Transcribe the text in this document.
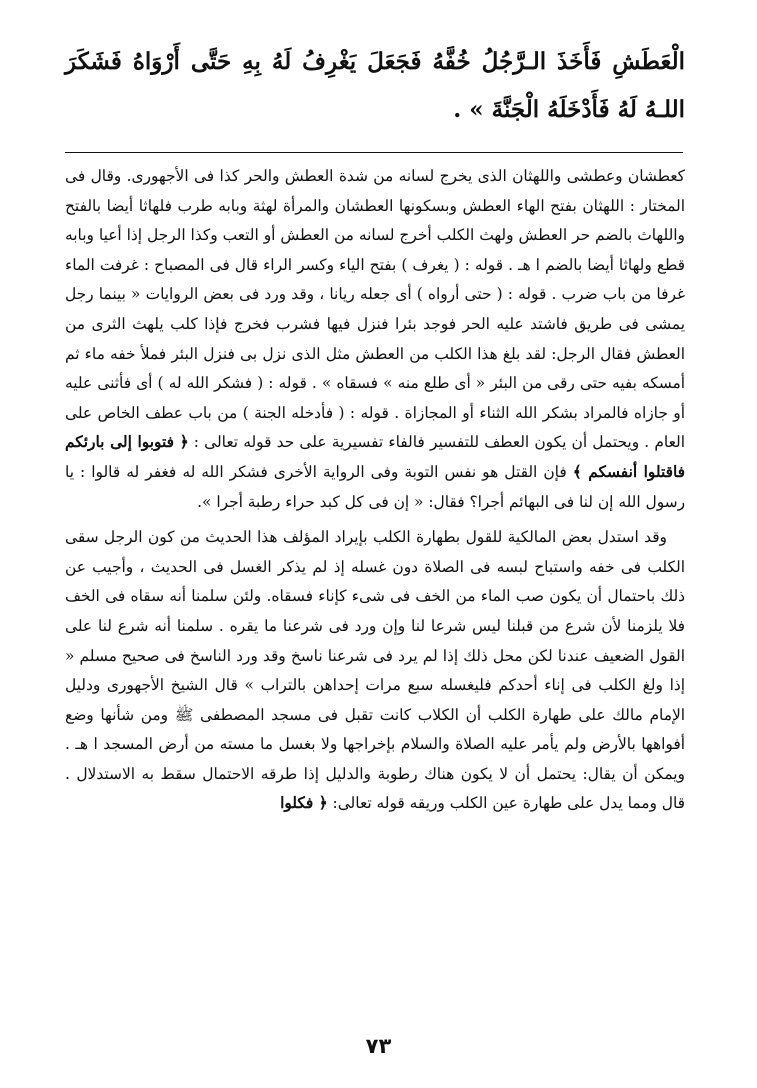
الْعَطَشِ فَأَخَذَ الـرَّجُلُ خُفَّهُ فَجَعَلَ يَغْرِفُ لَهُ بِهِ حَتَّى أَرْوَاهُ فَشَكَرَ اللـهُ لَهُ فَأَدْخَلَهُ الْجَنَّةَ » .

كعطشان وعطشى واللهثان الذى يخرج لسانه من شدة العطش والحر كذا فى الأجهورى. وقال فى المختار : اللهثان بفتح الهاء العطش وبسكونها العطشان والمرأة لهثة وبابه طرب فلهاثا أيضا بالفتح واللهاث بالضم حر العطش ولهث الكلب أخرج لسانه من العطش أو التعب وكذا الرجل إذا أعيا وبابه قطع ولهاثا أيضا بالضم ا هـ . قوله : ( يغرف ) بفتح الياء وكسر الراء قال فى المصباح : غرفت الماء غرفا من باب ضرب . قوله : ( حتى أرواه ) أى جعله ريانا ، وقد ورد فى بعض الروايات « بينما رجل يمشى فى طريق فاشتد عليه الحر فوجد بئرا فنزل فيها فشرب فخرج فإذا كلب يلهث الثرى من العطش فقال الرجل: لقد بلغ هذا الكلب من العطش مثل الذى نزل بى فنزل البئر فملأ خفه ماء ثم أمسكه بفيه حتى رقى من البئر « أى طلع منه » فسقاه » . قوله : ( فشكر الله له ) أى فأثنى عليه أو جازاه فالمراد بشكر الله الثناء أو المجازاة . قوله : ( فأدخله الجنة ) من باب عطف الخاص على العام . ويحتمل أن يكون العطف للتفسير فالفاء تفسيرية على حد قوله تعالى : ﴿ فتوبوا إلى بارئكم فاقتلوا أنفسكم ﴾ فإن القتل هو نفس التوبة وفى الرواية الأخرى فشكر الله له فغفر له قالوا : يا رسول الله إن لنا فى البهائم أجرا؟ فقال: « إن فى كل كبد حراء رطبة أجرا ».

وقد استدل بعض المالكية للقول بطهارة الكلب بإيراد المؤلف هذا الحديث من كون الرجل سقى الكلب فى خفه واستباح لبسه فى الصلاة دون غسله إذ لم يذكر الغسل فى الحديث ، وأجيب عن ذلك باحتمال أن يكون صب الماء من الخف فى شىء كإناء فسقاه. ولئن سلمنا أنه سقاه فى الخف فلا يلزمنا لأن شرع من قبلنا ليس شرعا لنا وإن ورد فى شرعنا ما يقره . سلمنا أنه شرع لنا على القول الضعيف عندنا لكن محل ذلك إذا لم يرد فى شرعنا ناسخ وقد ورد الناسخ فى صحيح مسلم « إذا ولغ الكلب فى إناء أحدكم فليغسله سبع مرات إحداهن بالتراب » قال الشيخ الأجهورى ودليل الإمام مالك على طهارة الكلب أن الكلاب كانت تقبل فى مسجد المصطفى ﷺ ومن شأنها وضع أفواهها بالأرض ولم يأمر عليه الصلاة والسلام بإخراجها ولا بغسل ما مسته من أرض المسجد ا هـ . ويمكن أن يقال: يحتمل أن لا يكون هناك رطوبة والدليل إذا طرقه الاحتمال سقط به الاستدلال . قال ومما يدل على طهارة عين الكلب وريقه قوله تعالى: ﴿ فكلوا

٧٣
